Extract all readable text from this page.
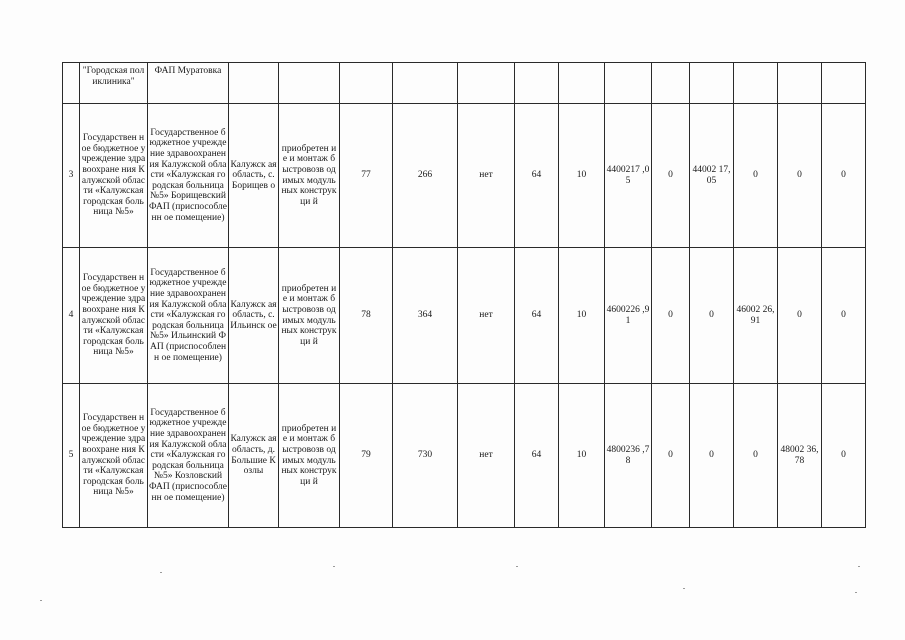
	"Городская поликлиника"	ФАП Муратовка													
3	Государствен ное бюджетное учреждение здравоохране ния Калужской области «Калужская городская больница №5»	Государственное бюджетное учреждение здравоохранения Калужской области «Калужская городская больница №5» Борищевский ФАП (приспособленн ое помещение)	Калужск ая область, с. Борищев о	приобретен ие и монтаж быстровозв одимых модульных конструкци й	77	266	нет	64	10	4400217 ,05	0	44002 17,05	0	0	0
4	Государствен ное бюджетное учреждение здравоохране ния Калужской области «Калужская городская больница №5»	Государственное бюджетное учреждение здравоохранения Калужской области «Калужская городская больница №5» Ильинский ФАП (приспособленн ое помещение)	Калужск ая область, с. Ильинск ое	приобретен ие и монтаж быстровозв одимых модульных конструкци й	78	364	нет	64	10	4600226 ,91	0	0	46002 26,91	0	0
5	Государствен ное бюджетное учреждение здравоохране ния Калужской области «Калужская городская больница №5»	Государственное бюджетное учреждение здравоохранения Калужской области «Калужская городская больница №5» Козловский ФАП (приспособленн ое помещение)	Калужск ая область, д. Большие Козлы	приобретен ие и монтаж быстровозв одимых модульных конструкци й	79	730	нет	64	10	4800236 ,78	0	0	0	48002 36,78	0
